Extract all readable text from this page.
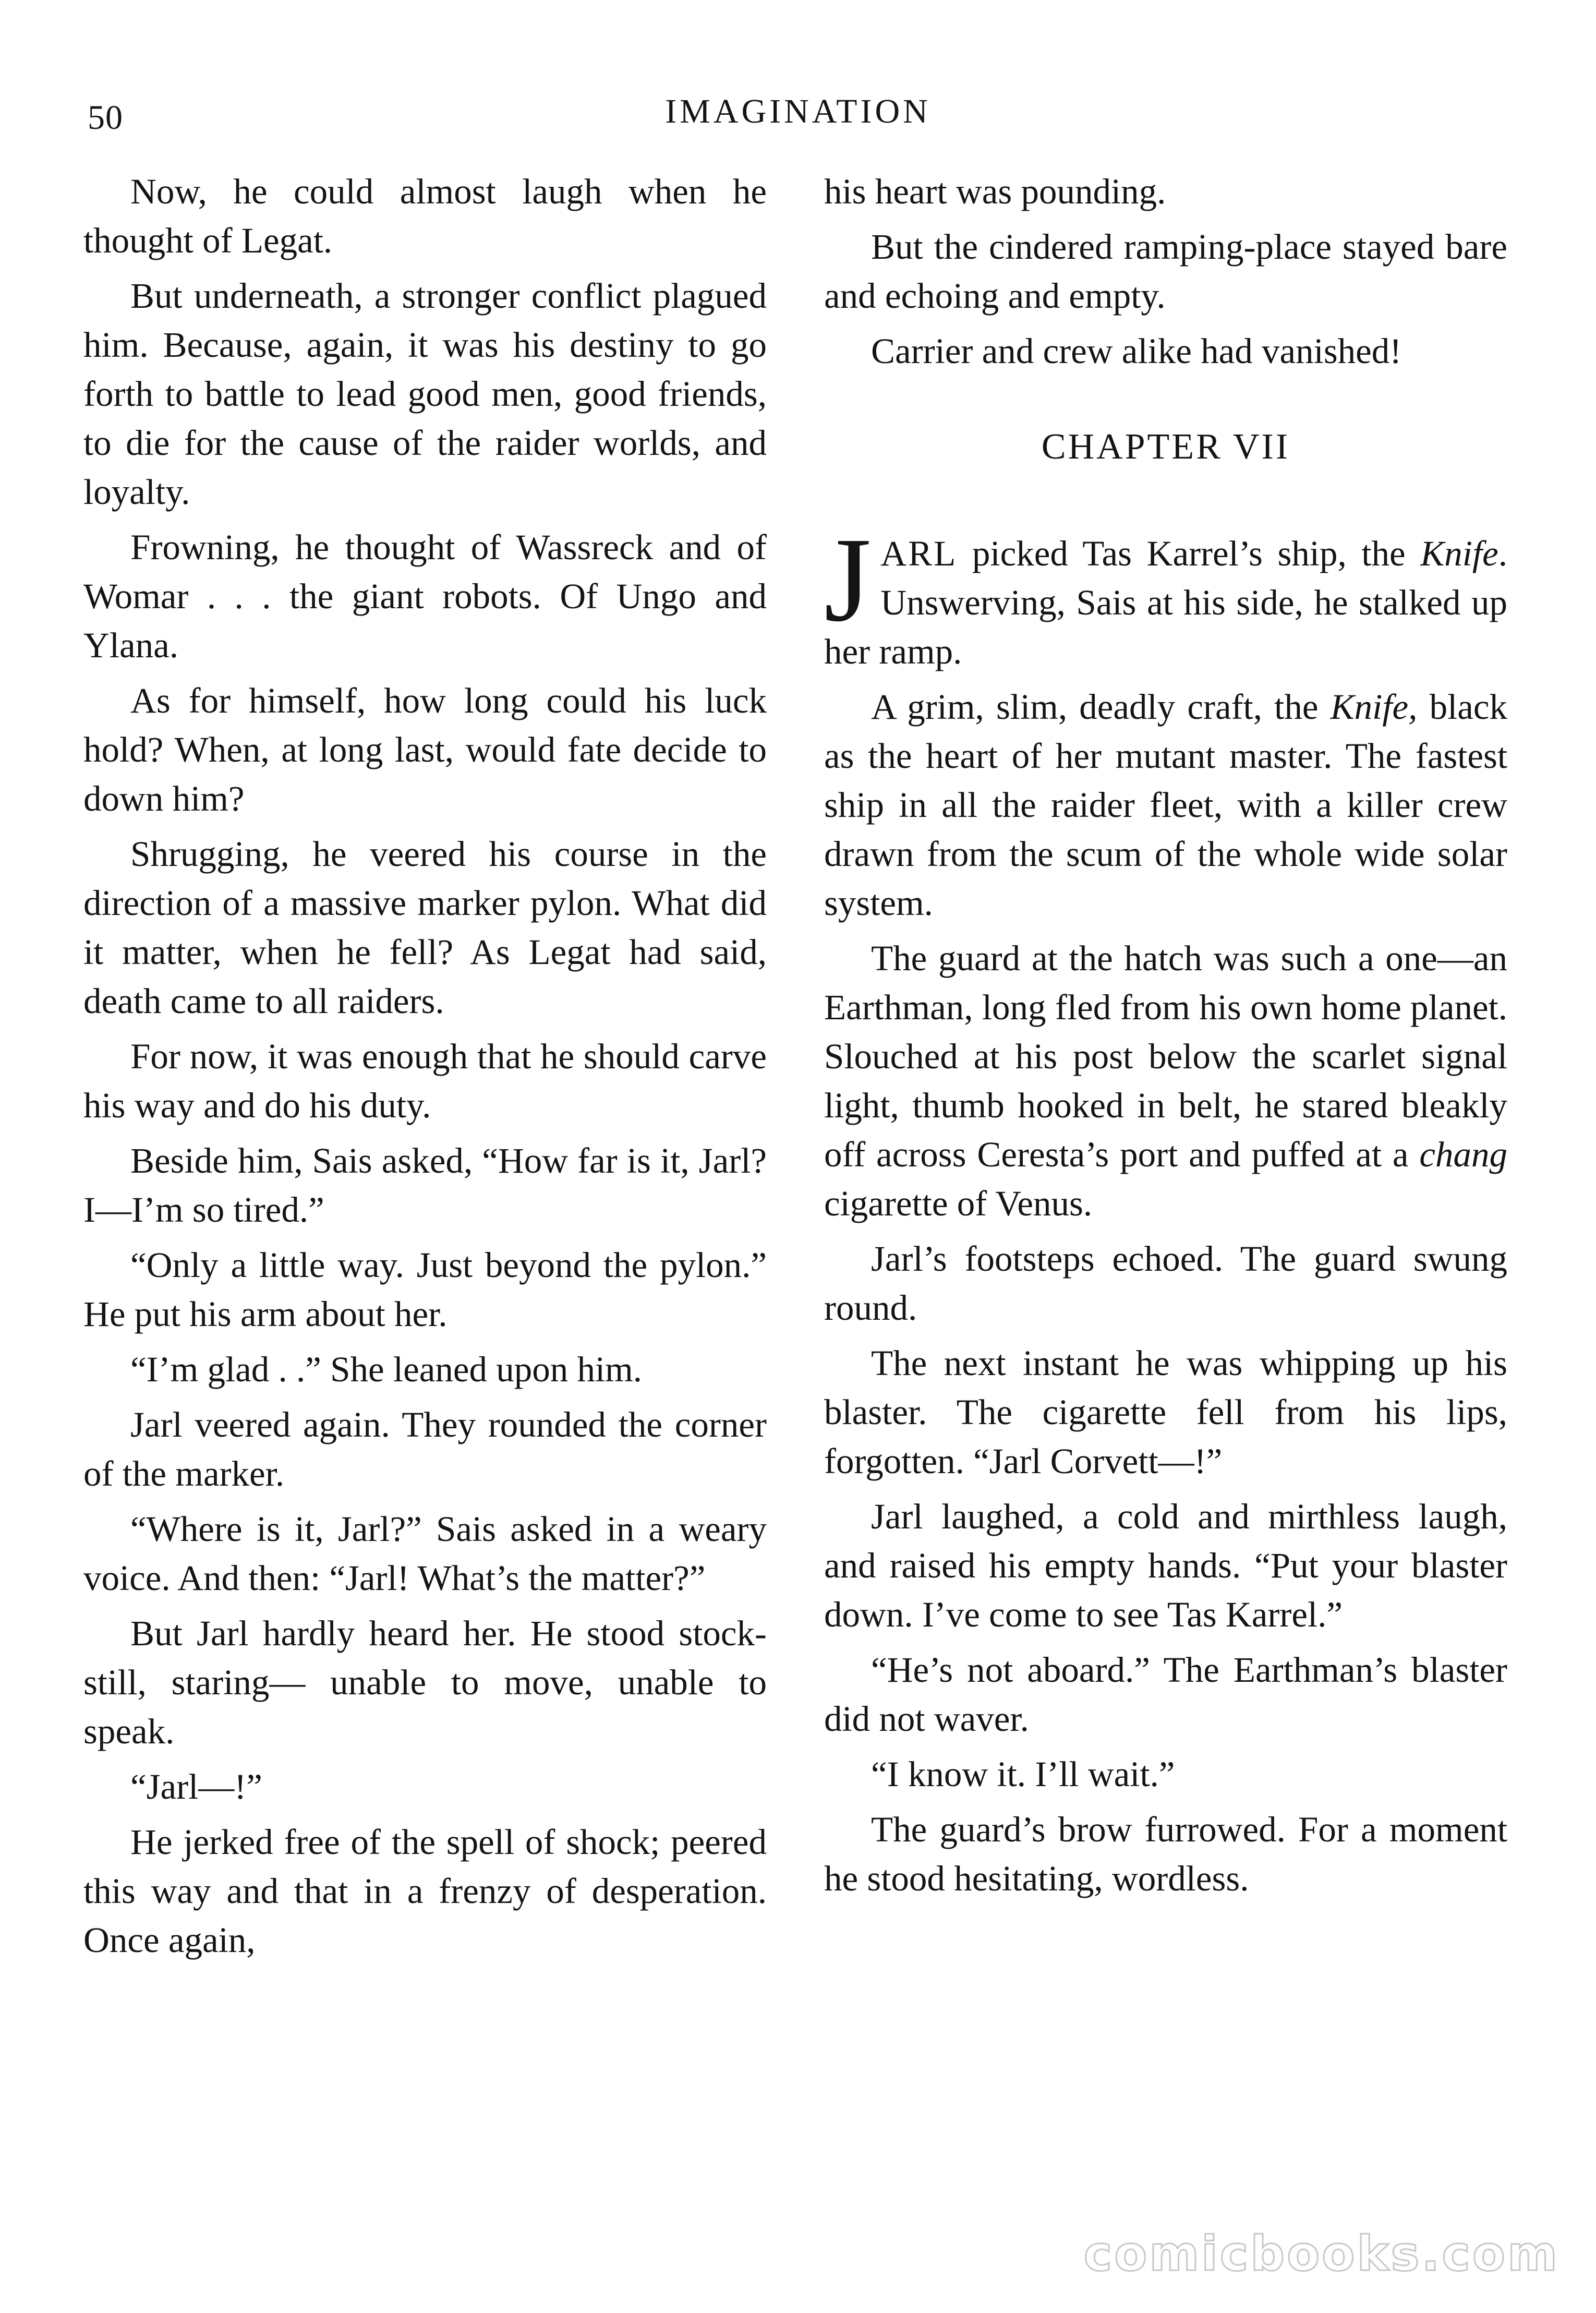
50	IMAGINATION

Now, he could almost laugh when he thought of Legat.

But underneath, a stronger conflict plagued him. Because, again, it was his destiny to go forth to battle to lead good men, good friends, to die for the cause of the raider worlds, and loyalty.

Frowning, he thought of Wassreck and of Womar . . . the giant robots. Of Ungo and Ylana.

As for himself, how long could his luck hold? When, at long last, would fate decide to down him?

Shrugging, he veered his course in the direction of a massive marker pylon. What did it matter, when he fell? As Legat had said, death came to all raiders.

For now, it was enough that he should carve his way and do his duty.

Beside him, Sais asked, “How far is it, Jarl? I—I’m so tired.”

“Only a little way. Just beyond the pylon.” He put his arm about her.

“I’m glad . .” She leaned upon him.

Jarl veered again. They rounded the corner of the marker.

“Where is it, Jarl?” Sais asked in a weary voice. And then: “Jarl! What’s the matter?”

But Jarl hardly heard her. He stood stock-still, staring— unable to move, unable to speak.

“Jarl—!”

He jerked free of the spell of shock; peered this way and that in a frenzy of desperation. Once again,

his heart was pounding.

But the cindered ramping-place stayed bare and echoing and empty.

Carrier and crew alike had vanished!

CHAPTER VII

JARL picked Tas Karrel’s ship, the Knife. Unswerving, Sais at his side, he stalked up her ramp.

A grim, slim, deadly craft, the Knife, black as the heart of her mutant master. The fastest ship in all the raider fleet, with a killer crew drawn from the scum of the whole wide solar system.

The guard at the hatch was such a one—an Earthman, long fled from his own home planet. Slouched at his post below the scarlet signal light, thumb hooked in belt, he stared bleakly off across Ceresta’s port and puffed at a chang cigarette of Venus.

Jarl’s footsteps echoed. The guard swung round.

The next instant he was whipping up his blaster. The cigarette fell from his lips, forgotten. “Jarl Corvett—!”

Jarl laughed, a cold and mirthless laugh, and raised his empty hands. “Put your blaster down. I’ve come to see Tas Karrel.”

“He’s not aboard.” The Earthman’s blaster did not waver.

“I know it. I’ll wait.”

The guard’s brow furrowed. For a moment he stood hesitating, wordless.

comicbooks.com
